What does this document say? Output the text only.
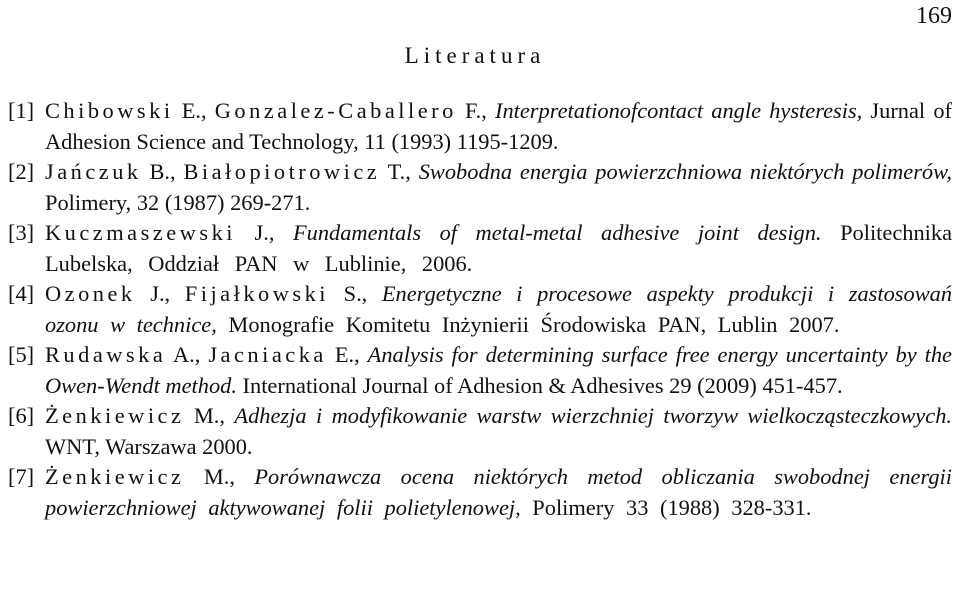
169
Literatura
[1] Chibowski E., Gonzalez-Caballero F., Interpretationofcontact angle hysteresis, Jurnal of Adhesion Science and Technology, 11 (1993) 1195-1209.
[2] Jańczuk B., Białopiotrowicz T., Swobodna energia powierzchniowa niektórych polimerów, Polimery, 32 (1987) 269-271.
[3] Kuczmaszewski J., Fundamentals of metal-metal adhesive joint design. Politechnika Lubelska, Oddział PAN w Lublinie, 2006.
[4] Ozonek J., Fijałkowski S., Energetyczne i procesowe aspekty produkcji i zastosowań ozonu w technice, Monografie Komitetu Inżynierii Środowiska PAN, Lublin 2007.
[5] Rudawska A., Jacniacka E., Analysis for determining surface free energy uncertainty by the Owen-Wendt method. International Journal of Adhesion & Adhesives 29 (2009) 451-457.
[6] Żenkiewicz M., Adhezja i modyfikowanie warstw wierzchniej tworzyw wielkocząsteczkowych. WNT, Warszawa 2000.
[7] Żenkiewicz M., Porównawcza ocena niektórych metod obliczania swobodnej energii powierzchniowej aktywowanej folii polietylenowej, Polimery 33 (1988) 328-331.
